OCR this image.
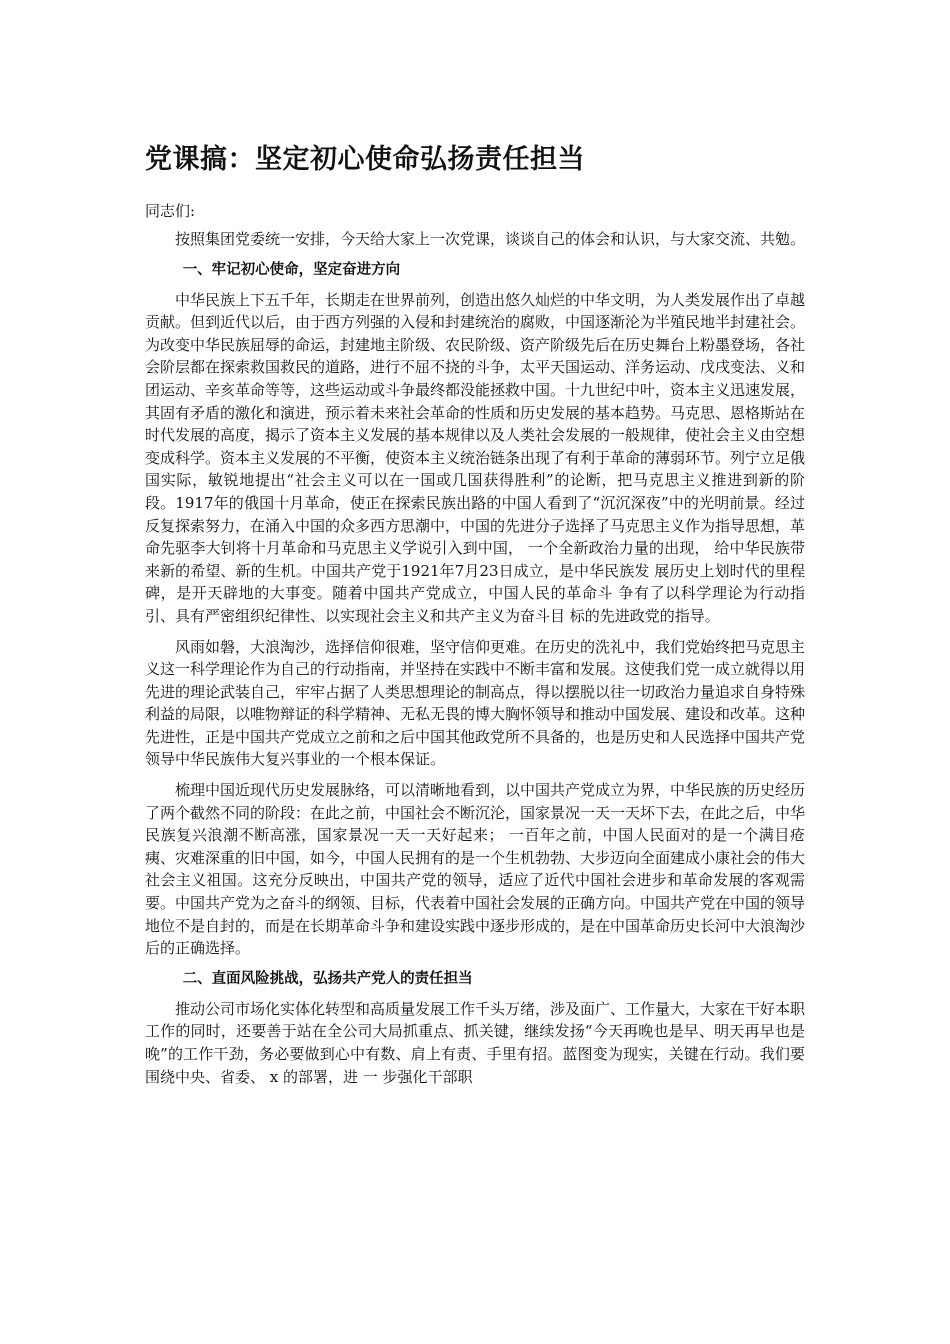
党课搞：坚定初心使命弘扬责任担当

同志们:

按照集团党委统一安排，今天给大家上一次党课，谈谈自己的体会和认识，与大家交流、共勉。

一、牢记初心使命，坚定奋进方向

中华民族上下五千年，长期走在世界前列，创造出悠久灿烂的中华文明，为人类发展作出了卓越贡献。但到近代以后，由于西方列强的入侵和封建统治的腐败，中国逐渐沦为半殖民地半封建社会。为改变中华民族屈辱的命运，封建地主阶级、农民阶级、资产阶级先后在历史舞台上粉墨登场，各社会阶层都在探索救国救民的道路，进行不屈不挠的斗争，太平天国运动、洋务运动、戊戌变法、义和团运动、辛亥革命等等，这些运动或斗争最终都没能拯救中国。十九世纪中叶，资本主义迅速发展，其固有矛盾的激化和演进，预示着未来社会革命的性质和历史发展的基本趋势。马克思、恩格斯站在时代发展的高度，揭示了资本主义发展的基本规律以及人类社会发展的一般规律，使社会主义由空想变成科学。资本主义发展的不平衡，使资本主义统治链条出现了有利于革命的薄弱环节。列宁立足俄国实际，敏锐地提出“社会主义可以在一国或几国获得胜利”的论断，把马克思主义推进到新的阶段。1917年的俄国十月革命，使正在探索民族出路的中国人看到了“沉沉深夜”中的光明前景。经过反复探索努力，在涌入中国的众多西方思潮中，中国的先进分子选择了马克思主义作为指导思想，革命先驱李大钊将十月革命和马克思主义学说引入到中国， 一个全新政治力量的出现， 给中华民族带来新的希望、新的生机。中国共产党于1921年7月23日成立，是中华民族发 展历史上划时代的里程碑，是开天辟地的大事变。随着中国共产党成立，中国人民的革命斗 争有了以科学理论为行动指引、具有严密组织纪律性、以实现社会主义和共产主义为奋斗目 标的先进政党的指导。

风雨如磐，大浪淘沙，选择信仰很难，坚守信仰更难。在历史的洗礼中，我们党始终把马克思主义这一科学理论作为自己的行动指南，并坚持在实践中不断丰富和发展。这使我们党一成立就得以用先进的理论武装自己，牢牢占据了人类思想理论的制高点，得以摆脱以往一切政治力量追求自身特殊利益的局限，以唯物辩证的科学精神、无私无畏的博大胸怀领导和推动中国发展、建设和改革。这种先进性，正是中国共产党成立之前和之后中国其他政党所不具备的，也是历史和人民选择中国共产党领导中华民族伟大复兴事业的一个根本保证。

梳理中国近现代历史发展脉络，可以清晰地看到，以中国共产党成立为界，中华民族的历史经历了两个截然不同的阶段：在此之前，中国社会不断沉沦，国家景况一天一天坏下去，在此之后，中华民族复兴浪潮不断高涨，国家景况一天一天好起来； 一百年之前，中国人民面对的是一个满目疮痍、灾难深重的旧中国，如今，中国人民拥有的是一个生机勃勃、大步迈向全面建成小康社会的伟大社会主义祖国。这充分反映出，中国共产党的领导，适应了近代中国社会进步和革命发展的客观需要。中国共产党为之奋斗的纲领、目标，代表着中国社会发展的正确方向。中国共产党在中国的领导地位不是自封的，而是在长期革命斗争和建设实践中逐步形成的，是在中国革命历史长河中大浪淘沙后的正确选择。

二、直面风险挑战，弘扬共产党人的责任担当

推动公司市场化实体化转型和高质量发展工作千头万绪，涉及面广、工作量大，大家在干好本职工作的同时，还要善于站在全公司大局抓重点、抓关键，继续发扬“今天再晚也是早、明天再早也是晚”的工作干劲，务必要做到心中有数、肩上有责、手里有招。蓝图变为现实，关键在行动。我们要围绕中央、省委、 x 的部署，进 一 步强化干部职
